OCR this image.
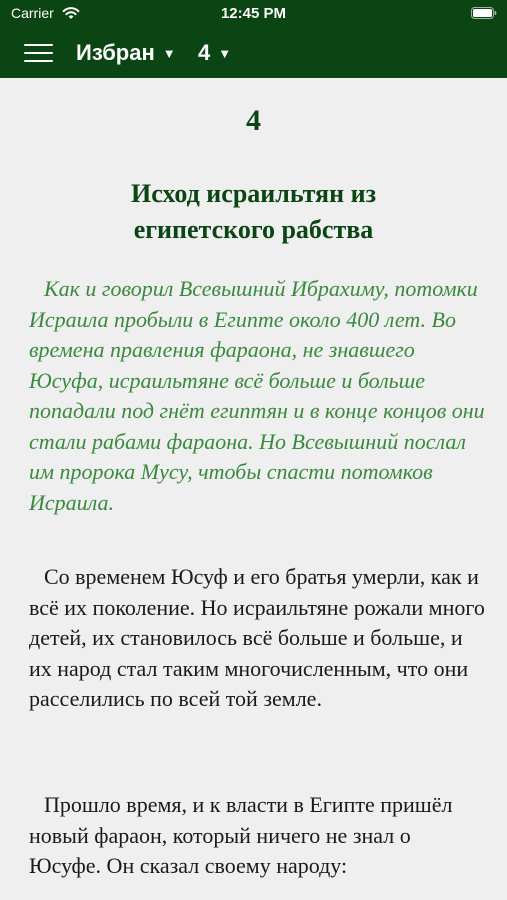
Carrier	12:45 PM
Избран ▼ 4 ▼
4
Исход исраильтян из египетского рабства

Как и говорил Всевышний Ибрахиму, потомки Исраила пробыли в Египте около 400 лет. Во времена правления фараона, не знавшего Юсуфа, исраильтяне всё больше и больше попадали под гнёт египтян и в конце концов они стали рабами фараона. Но Всевышний послал им пророка Мусу, чтобы спасти потомков Исраила.

Со временем Юсуф и его братья умерли, как и всё их поколение. Но исраильтяне рожали много детей, их становилось всё больше и больше, и их народ стал таким многочисленным, что они расселились по всей той земле.

Прошло время, и к власти в Египте пришёл новый фараон, который ничего не знал о Юсуфе. Он сказал своему народу:
